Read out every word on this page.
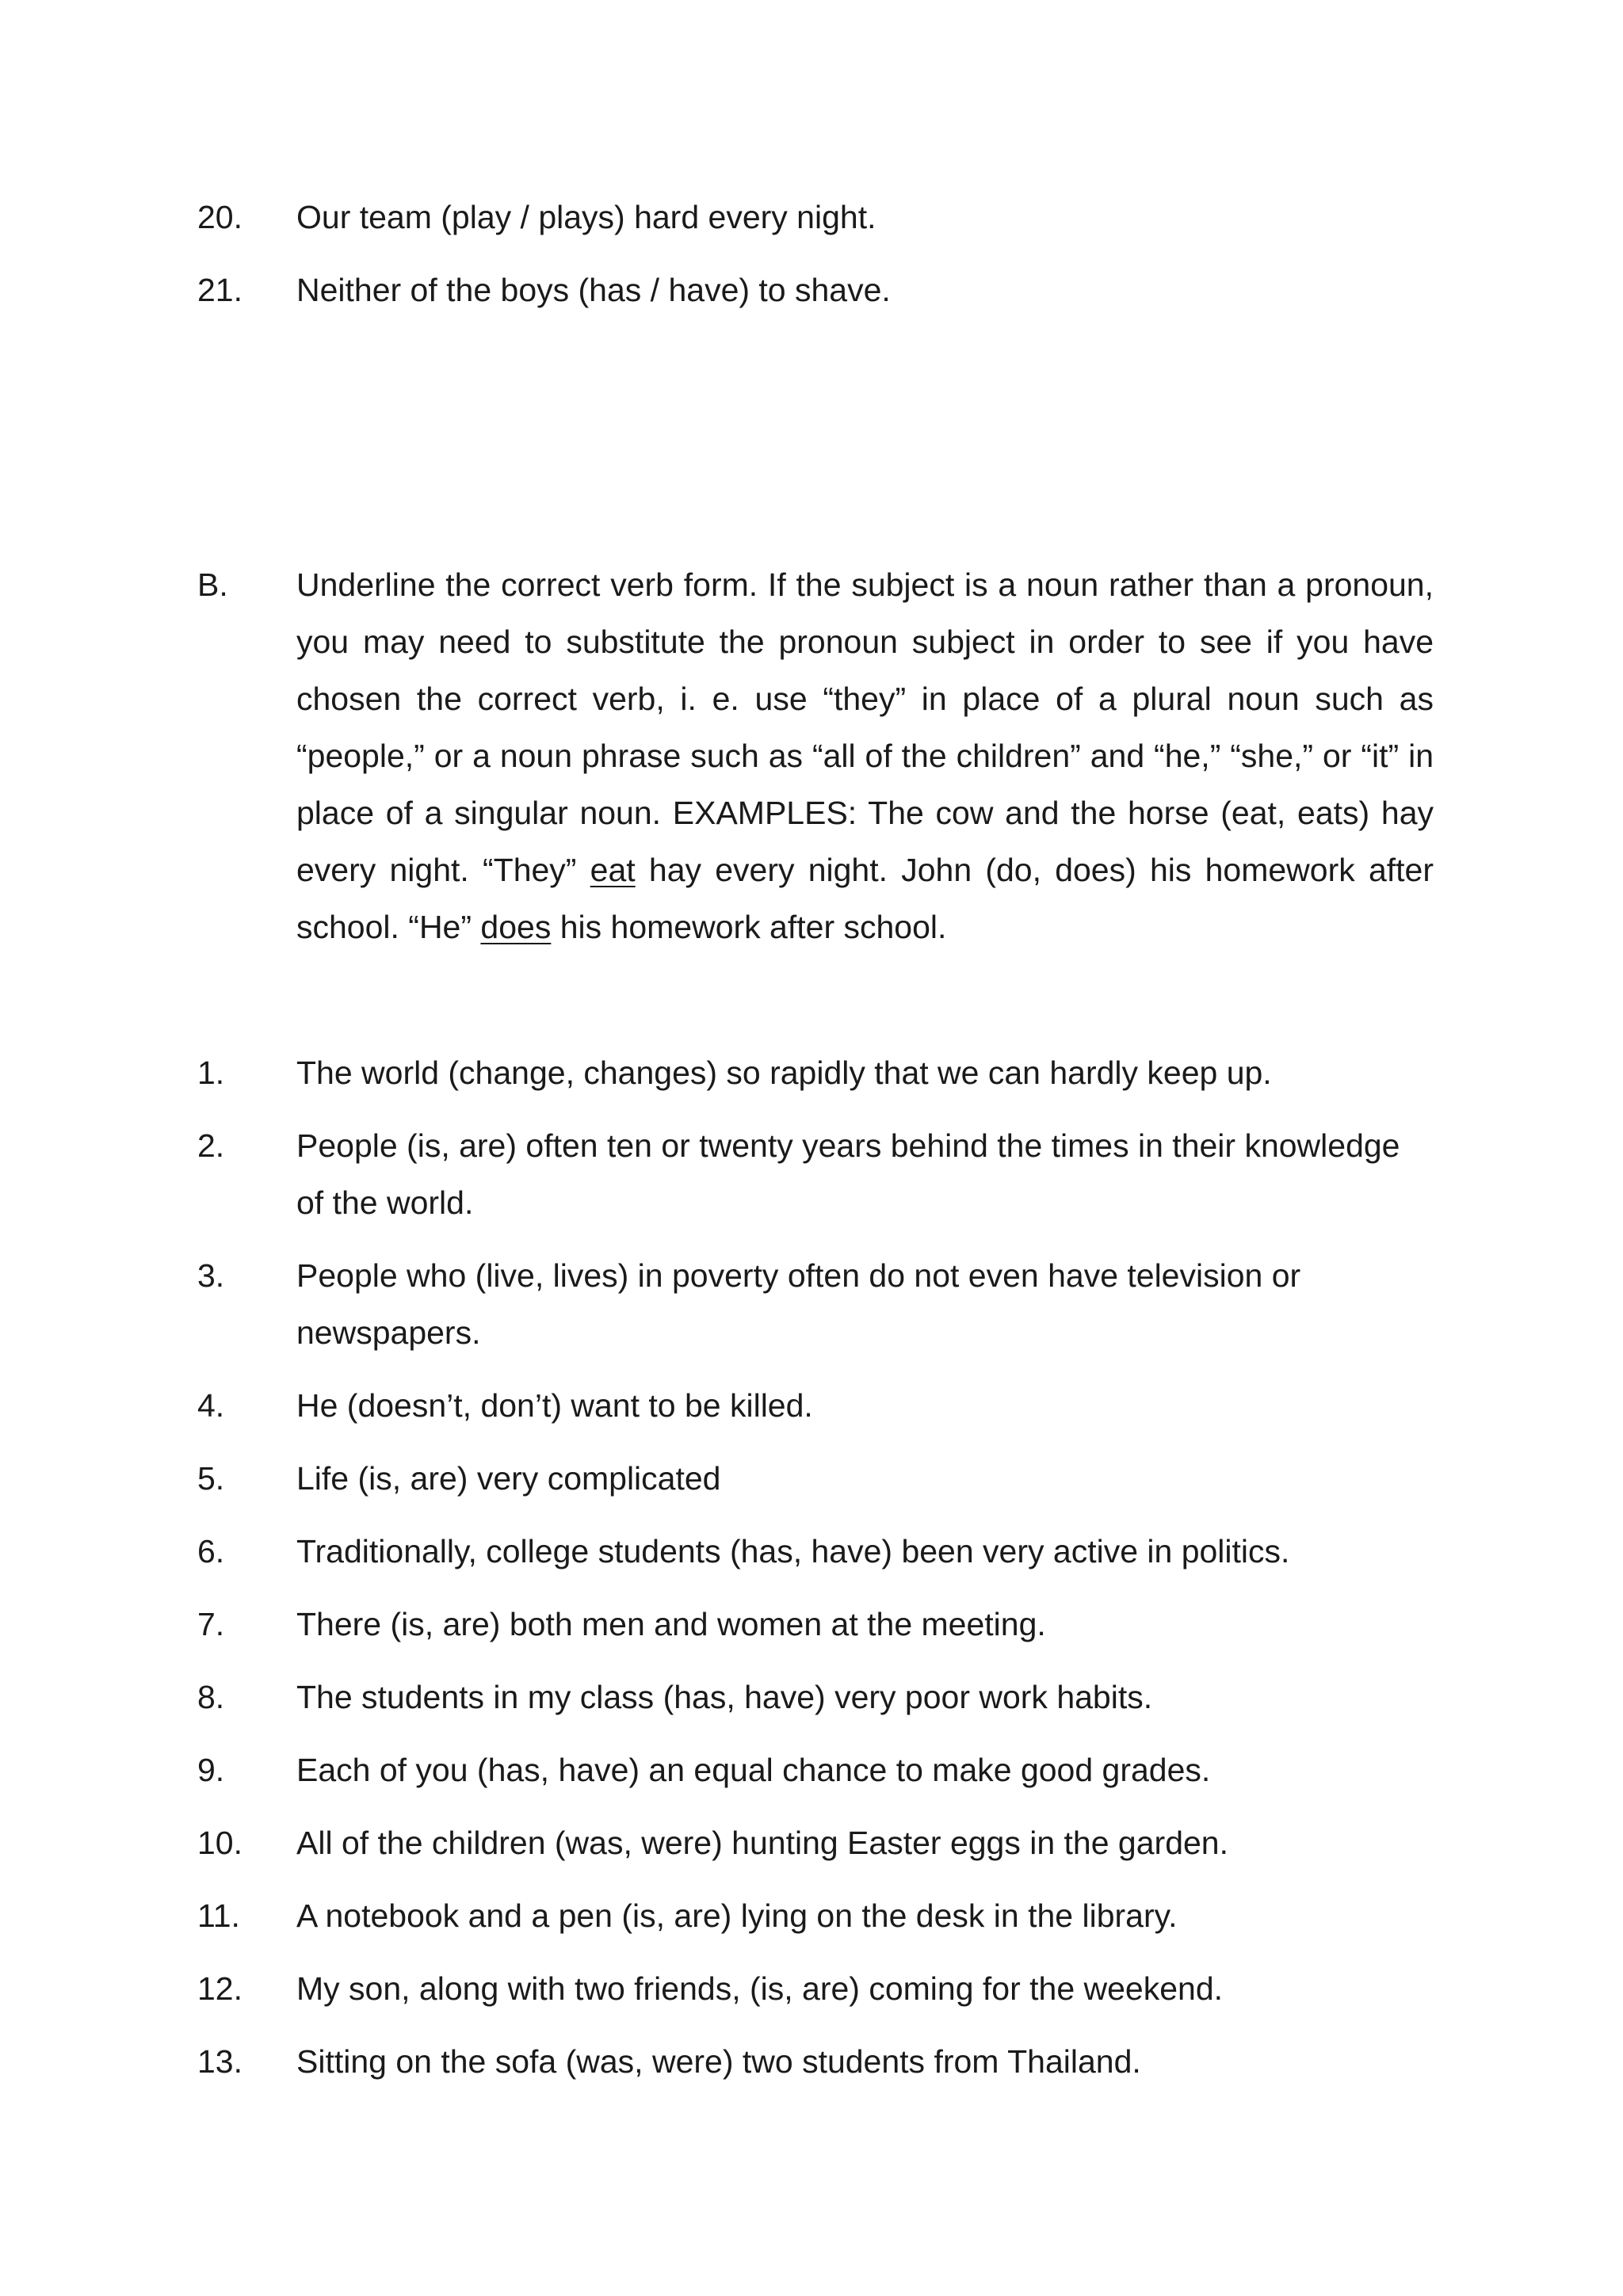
20.	Our team (play / plays) hard every night.
21.	Neither of the boys (has / have) to shave.
B.	Underline the correct verb form. If the subject is a noun rather than a pronoun, you may need to substitute the pronoun subject in order to see if you have chosen the correct verb, i. e. use “they” in place of a plural noun such as “people,” or a noun phrase such as “all of the children” and “he,” “she,” or “it” in place of a singular noun. EXAMPLES: The cow and the horse (eat, eats) hay every night. “They” eat hay every night. John (do, does) his homework after school. “He” does his homework after school.
1.	The world (change, changes) so rapidly that we can hardly keep up.
2.	People (is, are) often ten or twenty years behind the times in their knowledge of the world.
3.	People who (live, lives) in poverty often do not even have television or newspapers.
4.	He (doesn’t, don’t) want to be killed.
5.	Life (is, are) very complicated
6.	Traditionally, college students (has, have) been very active in politics.
7.	There (is, are) both men and women at the meeting.
8.	The students in my class (has, have) very poor work habits.
9.	Each of you (has, have) an equal chance to make good grades.
10.	All of the children (was, were) hunting Easter eggs in the garden.
11.	A notebook and a pen (is, are) lying on the desk in the library.
12.	My son, along with two friends, (is, are) coming for the weekend.
13.	Sitting on the sofa (was, were) two students from Thailand.
